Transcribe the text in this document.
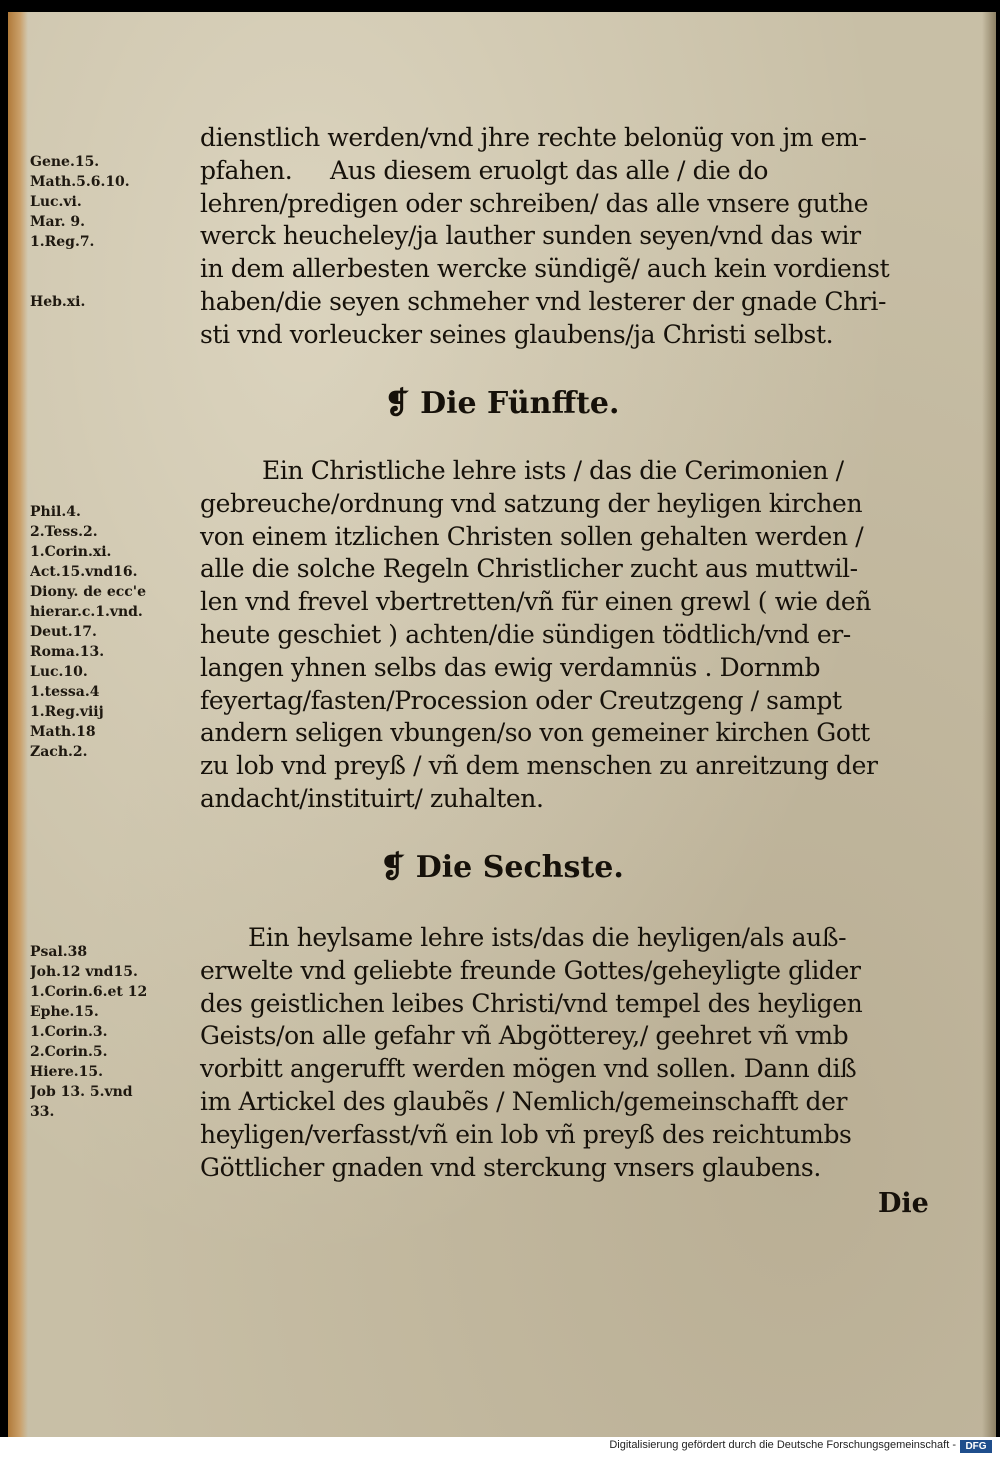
Gene.15.
Math.5.6.10.
Luc.vi.
Mar. 9.
1.Reg.7.
Heb.xi.
dienstlich werden/vnd jhre rechte belonüg von jm em-
pfahen.     Aus diesem eruolgt das alle / die do
lehren/predigen oder schreiben/ das alle vnsere guthe
werck heucheley/ja lauther sunden seyen/vnd das wir
in dem allerbesten wercke sündigẽ/ auch kein vordienst
haben/die seyen schmeher vnd lesterer der gnade Chri-
sti vnd vorleucker seines glaubens/ja Christi selbst.
❡ Die Fünffte.
Phil.4.
2.Tess.2.
1.Corin.xi.
Act.15.vnd16.
Diony. de ecc'e
hierar.c.1.vnd.
Deut.17.
Roma.13.
Luc.10.
1.tessa.4
1.Reg.viij
Math.18
Zach.2.
Ein Christliche lehre ists / das die Cerimonien /
gebreuche/ordnung vnd satzung der heyligen kirchen
von einem itzlichen Christen sollen gehalten werden /
alle die solche Regeln Christlicher zucht aus muttwil-
len vnd frevel vbertretten/vñ für einen grewl ( wie deñ
heute geschiet ) achten/die sündigen tödtlich/vnd er-
langen yhnen selbs das ewig verdamnüs . Dornmb
feyertag/fasten/Procession oder Creutzgeng / sampt
andern seligen vbungen/so von gemeiner kirchen Gott
zu lob vnd preyß / vñ dem menschen zu anreitzung der
andacht/instituirt/ zuhalten.
❡ Die Sechste.
Psal.38
Joh.12 vnd15.
1.Corin.6.et 12
Ephe.15.
1.Corin.3.
2.Corin.5.
Hiere.15.
Job 13. 5.vnd
33.
Ein heylsame lehre ists/das die heyligen/als auß-
erwelte vnd geliebte freunde Gottes/geheyligte glider
des geistlichen leibes Christi/vnd tempel des heyligen
Geists/on alle gefahr vñ Abgötterey,/ geehret vñ vmb
vorbitt angerufft werden mögen vnd sollen. Dann diß
im Artickel des glaubẽs / Nemlich/gemeinschafft der
heyligen/verfasst/vñ ein lob vñ preyß des reichtumbs
Göttlicher gnaden vnd sterckung vnsers glaubens.
Die
Digitalisierung gefördert durch die Deutsche Forschungsgemeinschaft - DFG
